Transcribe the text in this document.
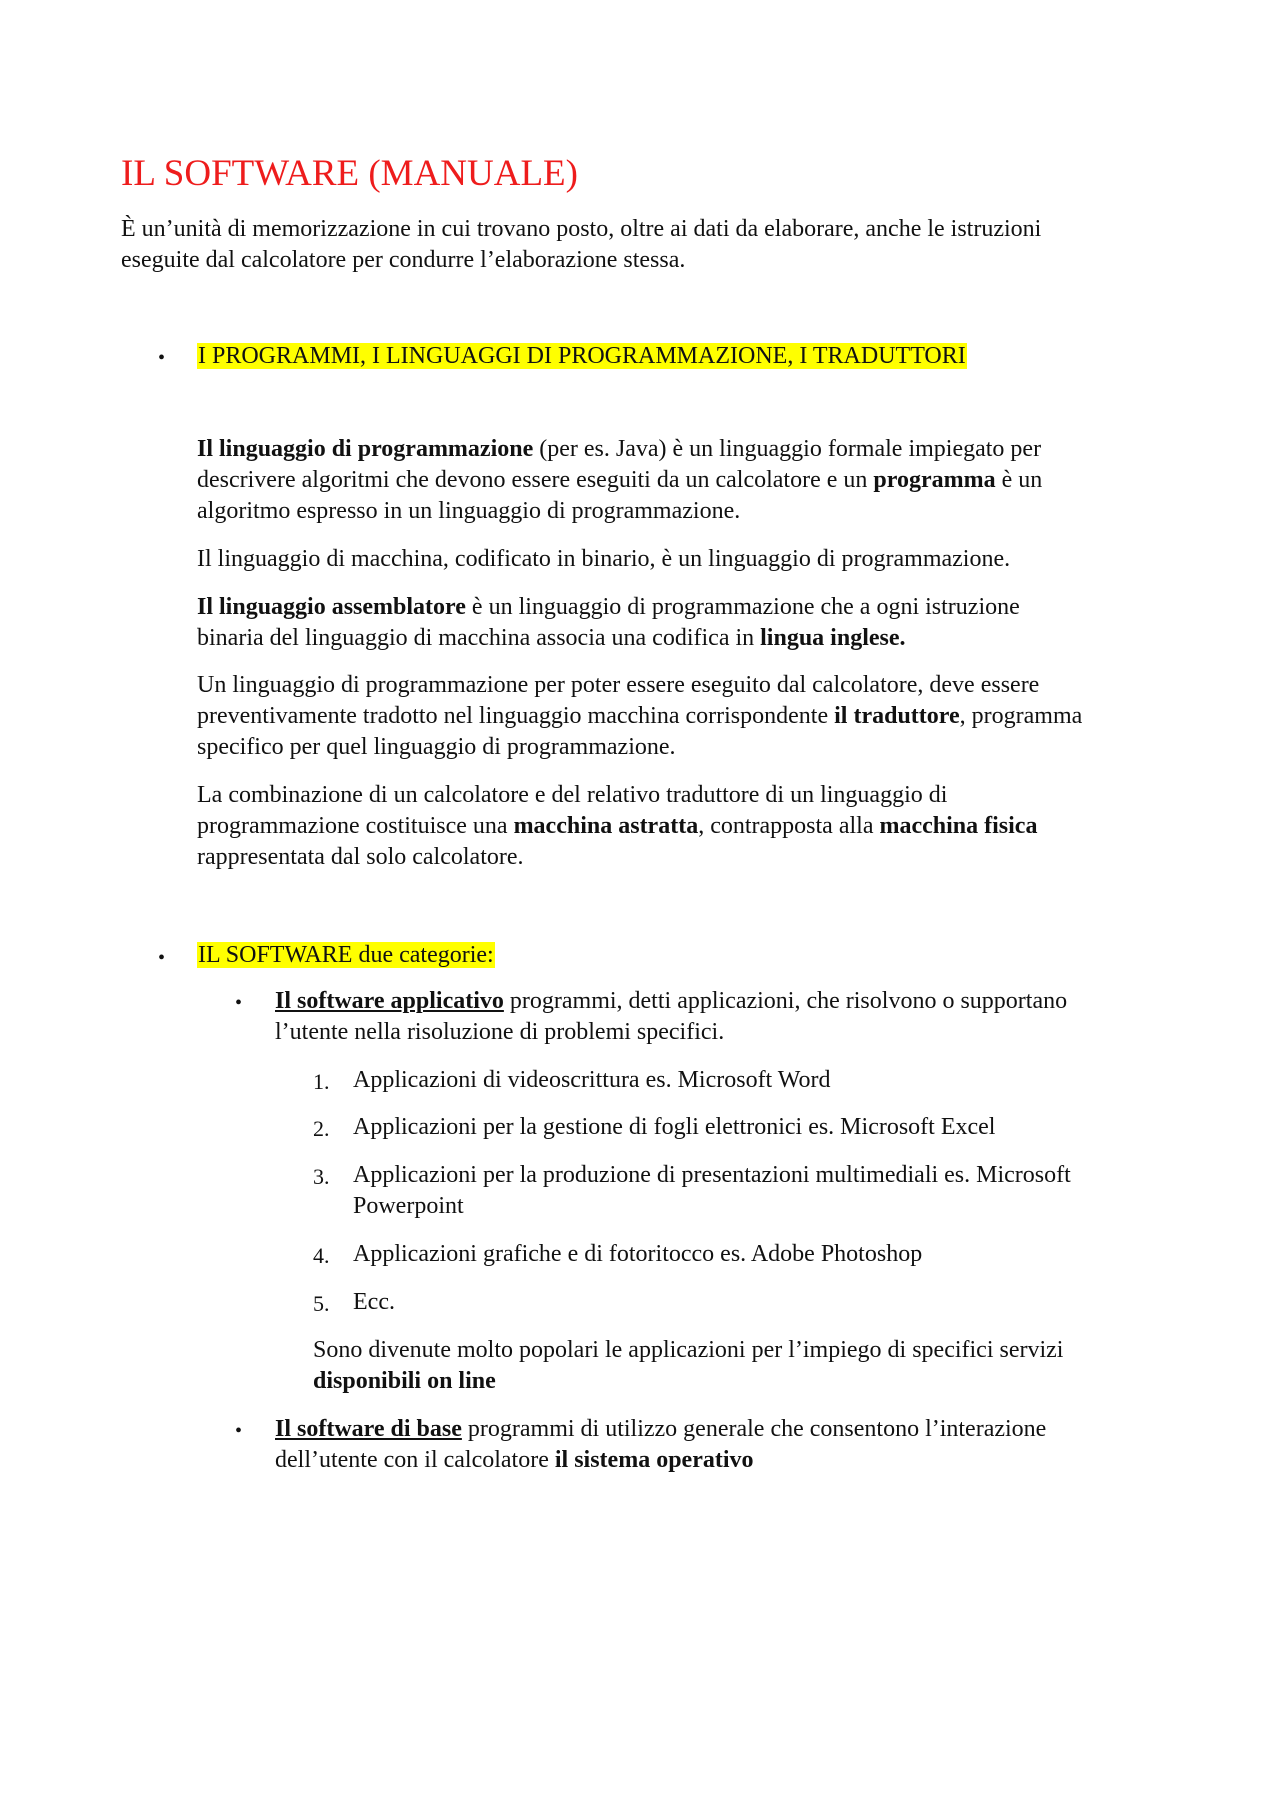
IL SOFTWARE (MANUALE)
È un’unità di memorizzazione in cui trovano posto, oltre ai dati da elaborare, anche le istruzioni
eseguite dal calcolatore per condurre l’elaborazione stessa.
• I PROGRAMMI, I LINGUAGGI DI PROGRAMMAZIONE, I TRADUTTORI
Il linguaggio di programmazione (per es. Java) è un linguaggio formale impiegato per
descrivere algoritmi che devono essere eseguiti da un calcolatore e un programma è un
algoritmo espresso in un linguaggio di programmazione.
Il linguaggio di macchina, codificato in binario, è un linguaggio di programmazione.
Il linguaggio assemblatore è un linguaggio di programmazione che a ogni istruzione
binaria del linguaggio di macchina associa una codifica in lingua inglese.
Un linguaggio di programmazione per poter essere eseguito dal calcolatore, deve essere
preventivamente tradotto nel linguaggio macchina corrispondente il traduttore, programma
specifico per quel linguaggio di programmazione.
La combinazione di un calcolatore e del relativo traduttore di un linguaggio di
programmazione costituisce una macchina astratta, contrapposta alla macchina fisica
rappresentata dal solo calcolatore.
• IL SOFTWARE due categorie:
• Il software applicativo programmi, detti applicazioni, che risolvono o supportano
l’utente nella risoluzione di problemi specifici.
1. Applicazioni di videoscrittura es. Microsoft Word
2. Applicazioni per la gestione di fogli elettronici es. Microsoft Excel
3. Applicazioni per la produzione di presentazioni multimediali es. Microsoft
Powerpoint
4. Applicazioni grafiche e di fotoritocco es. Adobe Photoshop
5. Ecc.
Sono divenute molto popolari le applicazioni per l’impiego di specifici servizi
disponibili on line
• Il software di base programmi di utilizzo generale che consentono l’interazione
dell’utente con il calcolatore il sistema operativo
